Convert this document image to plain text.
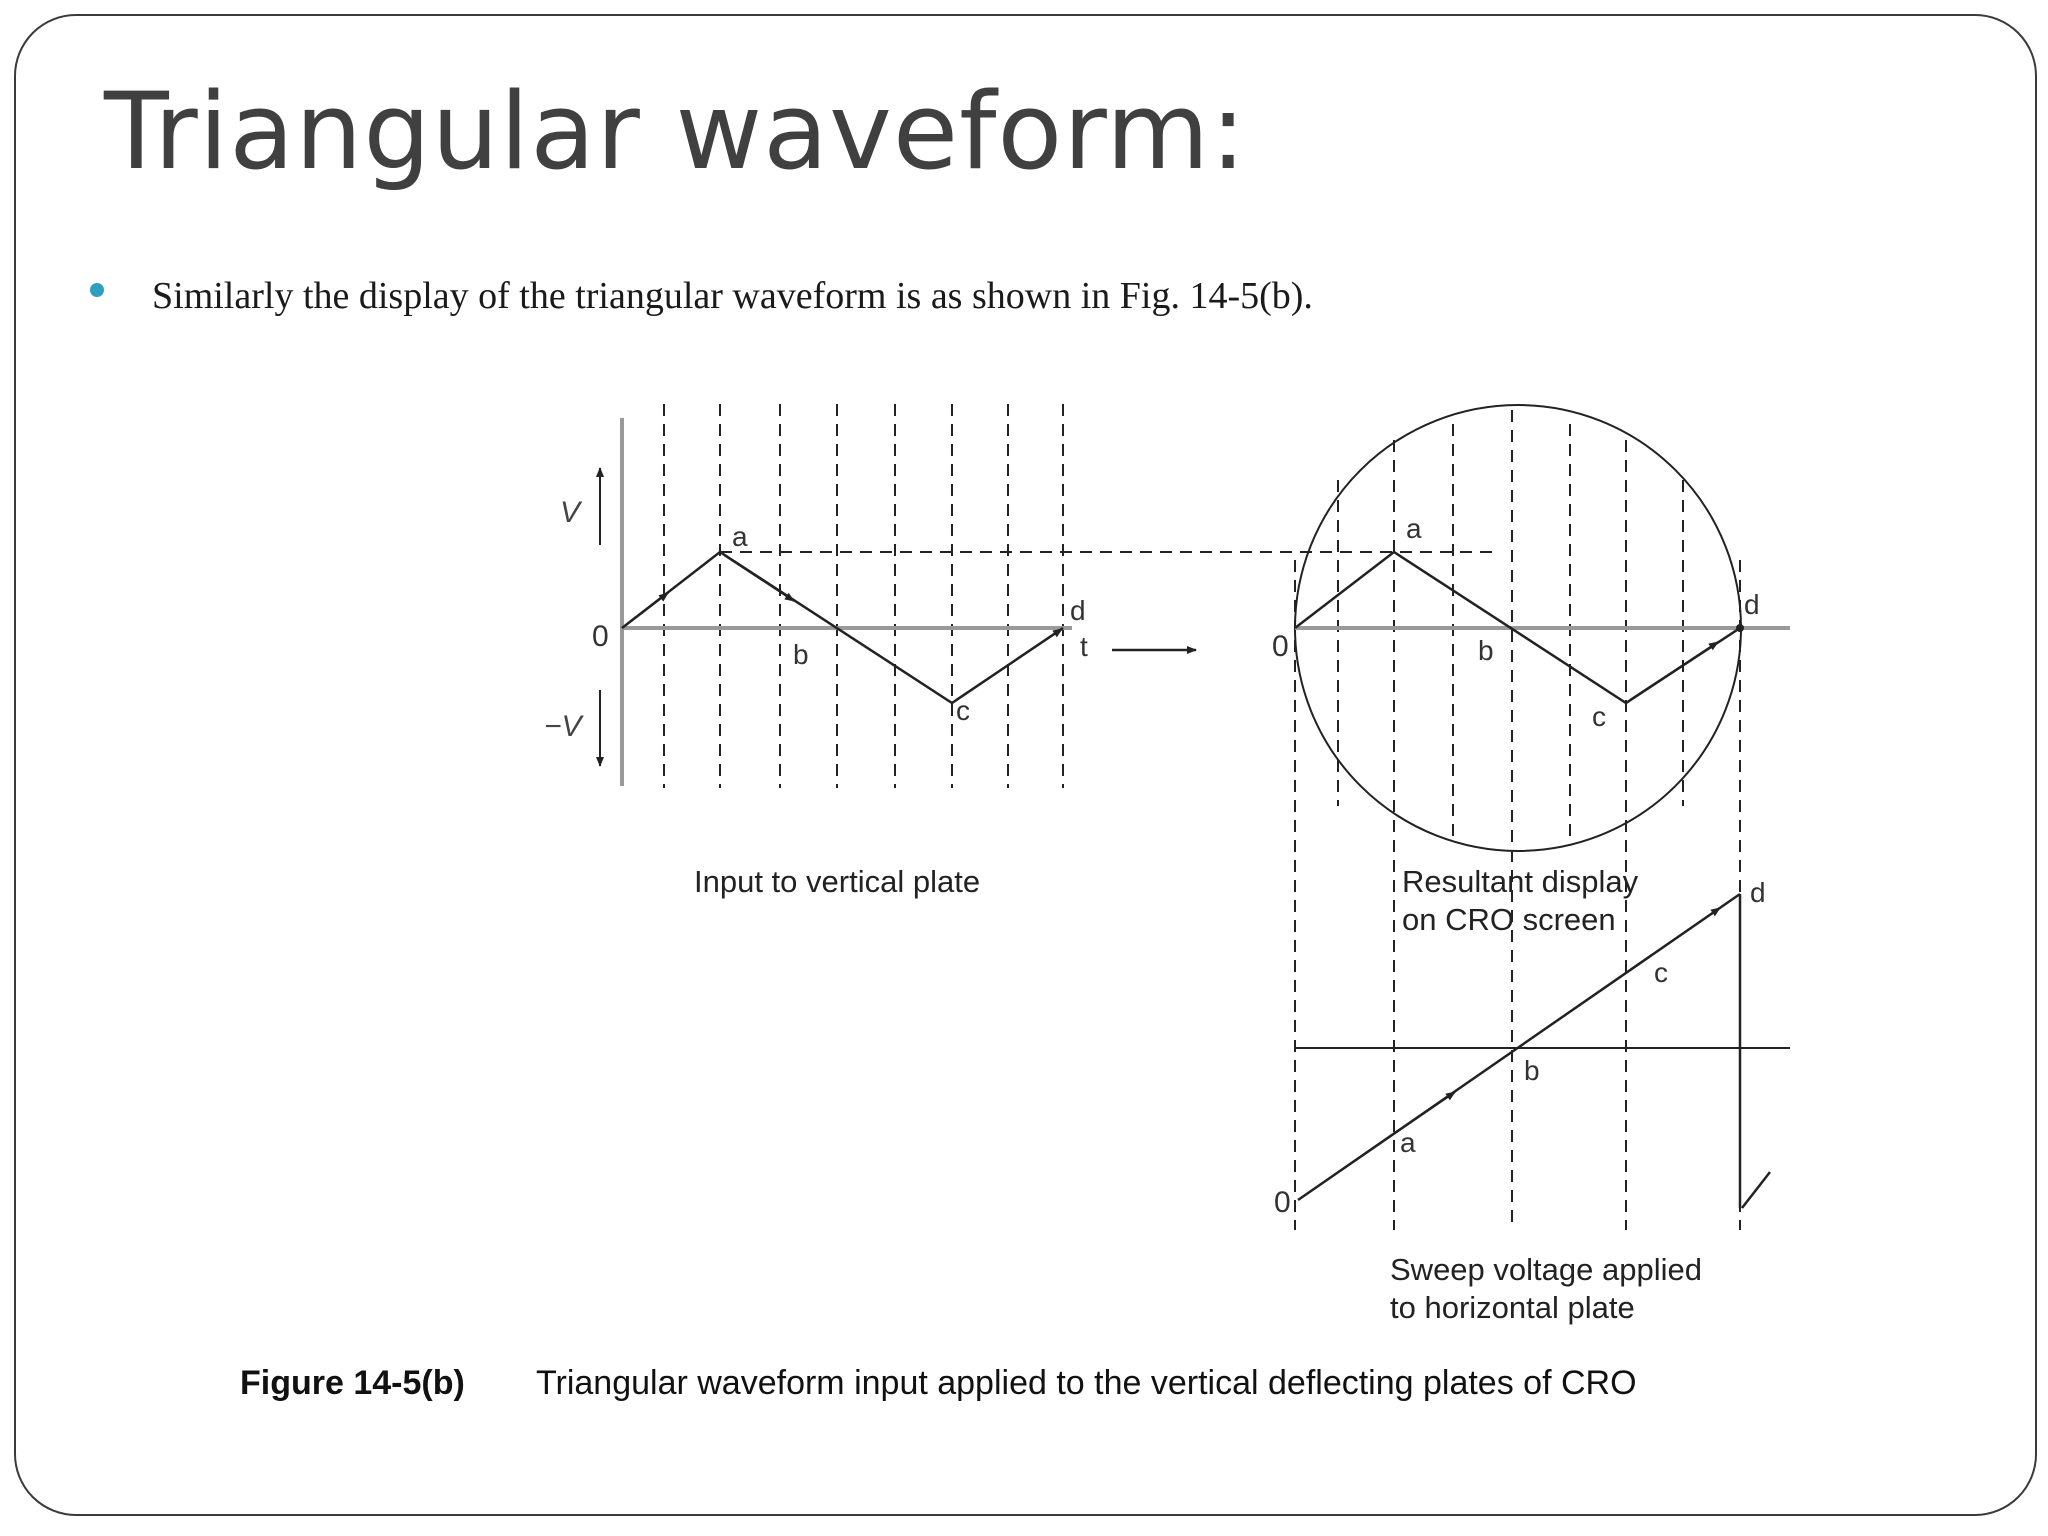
Triangular waveform:
Similarly the display of the triangular waveform is as shown in Fig. 14-5(b).
V
−V
0
a
b
c
d
t
Input to vertical plate
0
a
b
c
d
Resultant display
on CRO screen
0
a
b
c
d
Sweep voltage applied
to horizontal plate
Figure 14-5(b) Triangular waveform input applied to the vertical deflecting plates of CRO
